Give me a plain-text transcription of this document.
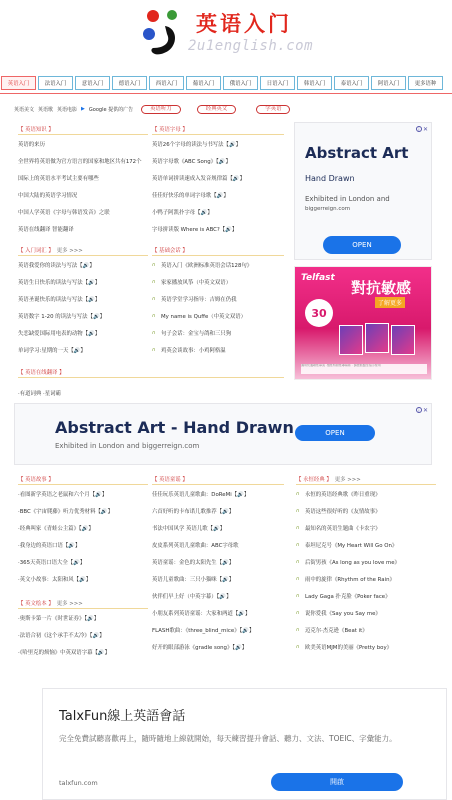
英语入门
2u1english.com
英语入门	法语入门	意语入门	德语入门	西语入门	葡语入门	俄语入门	日语入门	韩语入门	泰语入门	阿语入门	更多语种
英语美文 英语歌 英语电影 ▶ Google 提供的广告	英语听力	经典英文	学英语
【 英语知识 】
英语的来历
全世界将英语做为官方语言的国家和地区共有172个
国际上的英语水平考试主要有哪些
中国大陆的英语学习情况
中国人学英语《字母与韩语发音》之联
英语在线翻译 智能翻译
【 英语字母 】
英语26个字母的读法与书写法【🔊】
英语字母歌《ABC Song》【🔊】
英语单词拼读速成入发音规律篇【🔊】
佳佳好快乐的单词字母歌【🔊】
小鸭子阿凯扑字母【🔊】
字母拼读版 Where is ABC?【🔊】
i ✕
Abstract Art
Hand Drawn
Exhibited in London and
biggerreign.com
OPEN
【 入门词汇 】 更多 >>>
英语我爱你的读法与写法【🔊】
英语生日快乐的读法与写法【🔊】
英语圣诞快乐的读法与写法【🔊】
英语数字 1-20 的读法与写法【🔊】
失恋缺爱国际用电表的动物【🔊】
单词学习:星期的一天【🔊】
【 基础会话 】
∩ 英语入门《欧洲标准英语会话128句》
∩ 家家播放风筝（中英文双语）
∩ 英语学堂学习指导：吉姆在仍我
∩ My name is Quffe（中英文双语）
∩ 句子会话：金宝与鸽和三只狗
∩ 鸡英会谈故事：小鸡阿格温
Telfast
對抗敏感
了解更多
30
適用於過敏性鼻炎 ·慢性特發性蕁麻疹 · 請按照醫生指示使用
【 英语在线翻译 】
·有道词典 ·星词霸
i ✕
Abstract Art - Hand Drawn
Exhibited in London and biggerreign.com
OPEN
【 英语故事 】
·看图新学英语之老鼠和六个月【🔊】
·BBC《宇宙爬藤》听力优秀材料【🔊】
·经典叫家《青蛙公主篇》【🔊】
·我身边的英语口语【🔊】
·365天英语口语大全【🔊】
·英文小故事：太阳和风【🔊】
【 英文绘本 】 更多 >>>
·奥斯卡第一片《时世证券》【🔊】
·法语合初《这个承手不太冷》【🔊】
·《哈里克的烦恼》中英双语字幕【🔊】
【 英语童谣 】
佳佳玩乐英语儿童歌曲：DoReMi【🔊】
六首好听的卡布诺儿歌推荐【🔊】
书法中国风学 英语儿歌【🔊】
皮皮系列英语儿童歌曲：ABC字母歌
英语童谣：金色的太阳先生【🔊】
英语儿童歌曲：三只小猫咪【🔊】
伙伴们早上好（中英字幕）【🔊】
小朋友系列英语童谣：大家和两道【🔊】
FLASH歌曲：《three_blind_mice》【🔊】
好开的眼部游泳《gradle song》【🔊】
【 永恒经典 】 更多 >>>
∩ 永恒的英语经典歌《昨日重现》
∩ 英语这些很好听的《友情故事》
∩ 最知名的英语生题曲《卡农字》
∩ 泰坦尼克号《My Heart Will Go On》
∩ 后街男孩《As long as you love me》
∩ 雨中的旋律《Rhythm of the Rain》
∩ Lady Gaga 扑克脸《Poker face》
∩ 说你爱我《Say you Say me》
∩ 迈克尔·杰克逊《Beat it》
∩ 欧美英语MJM的美丽《Pretty boy》
TalxFun線上英語會話
完全免費試聽喜歡再上，隨時隨地上線就開始，每天練習提升會話、聽力、文法、TOEIC、字彙能力。
talxfun.com	開啟
